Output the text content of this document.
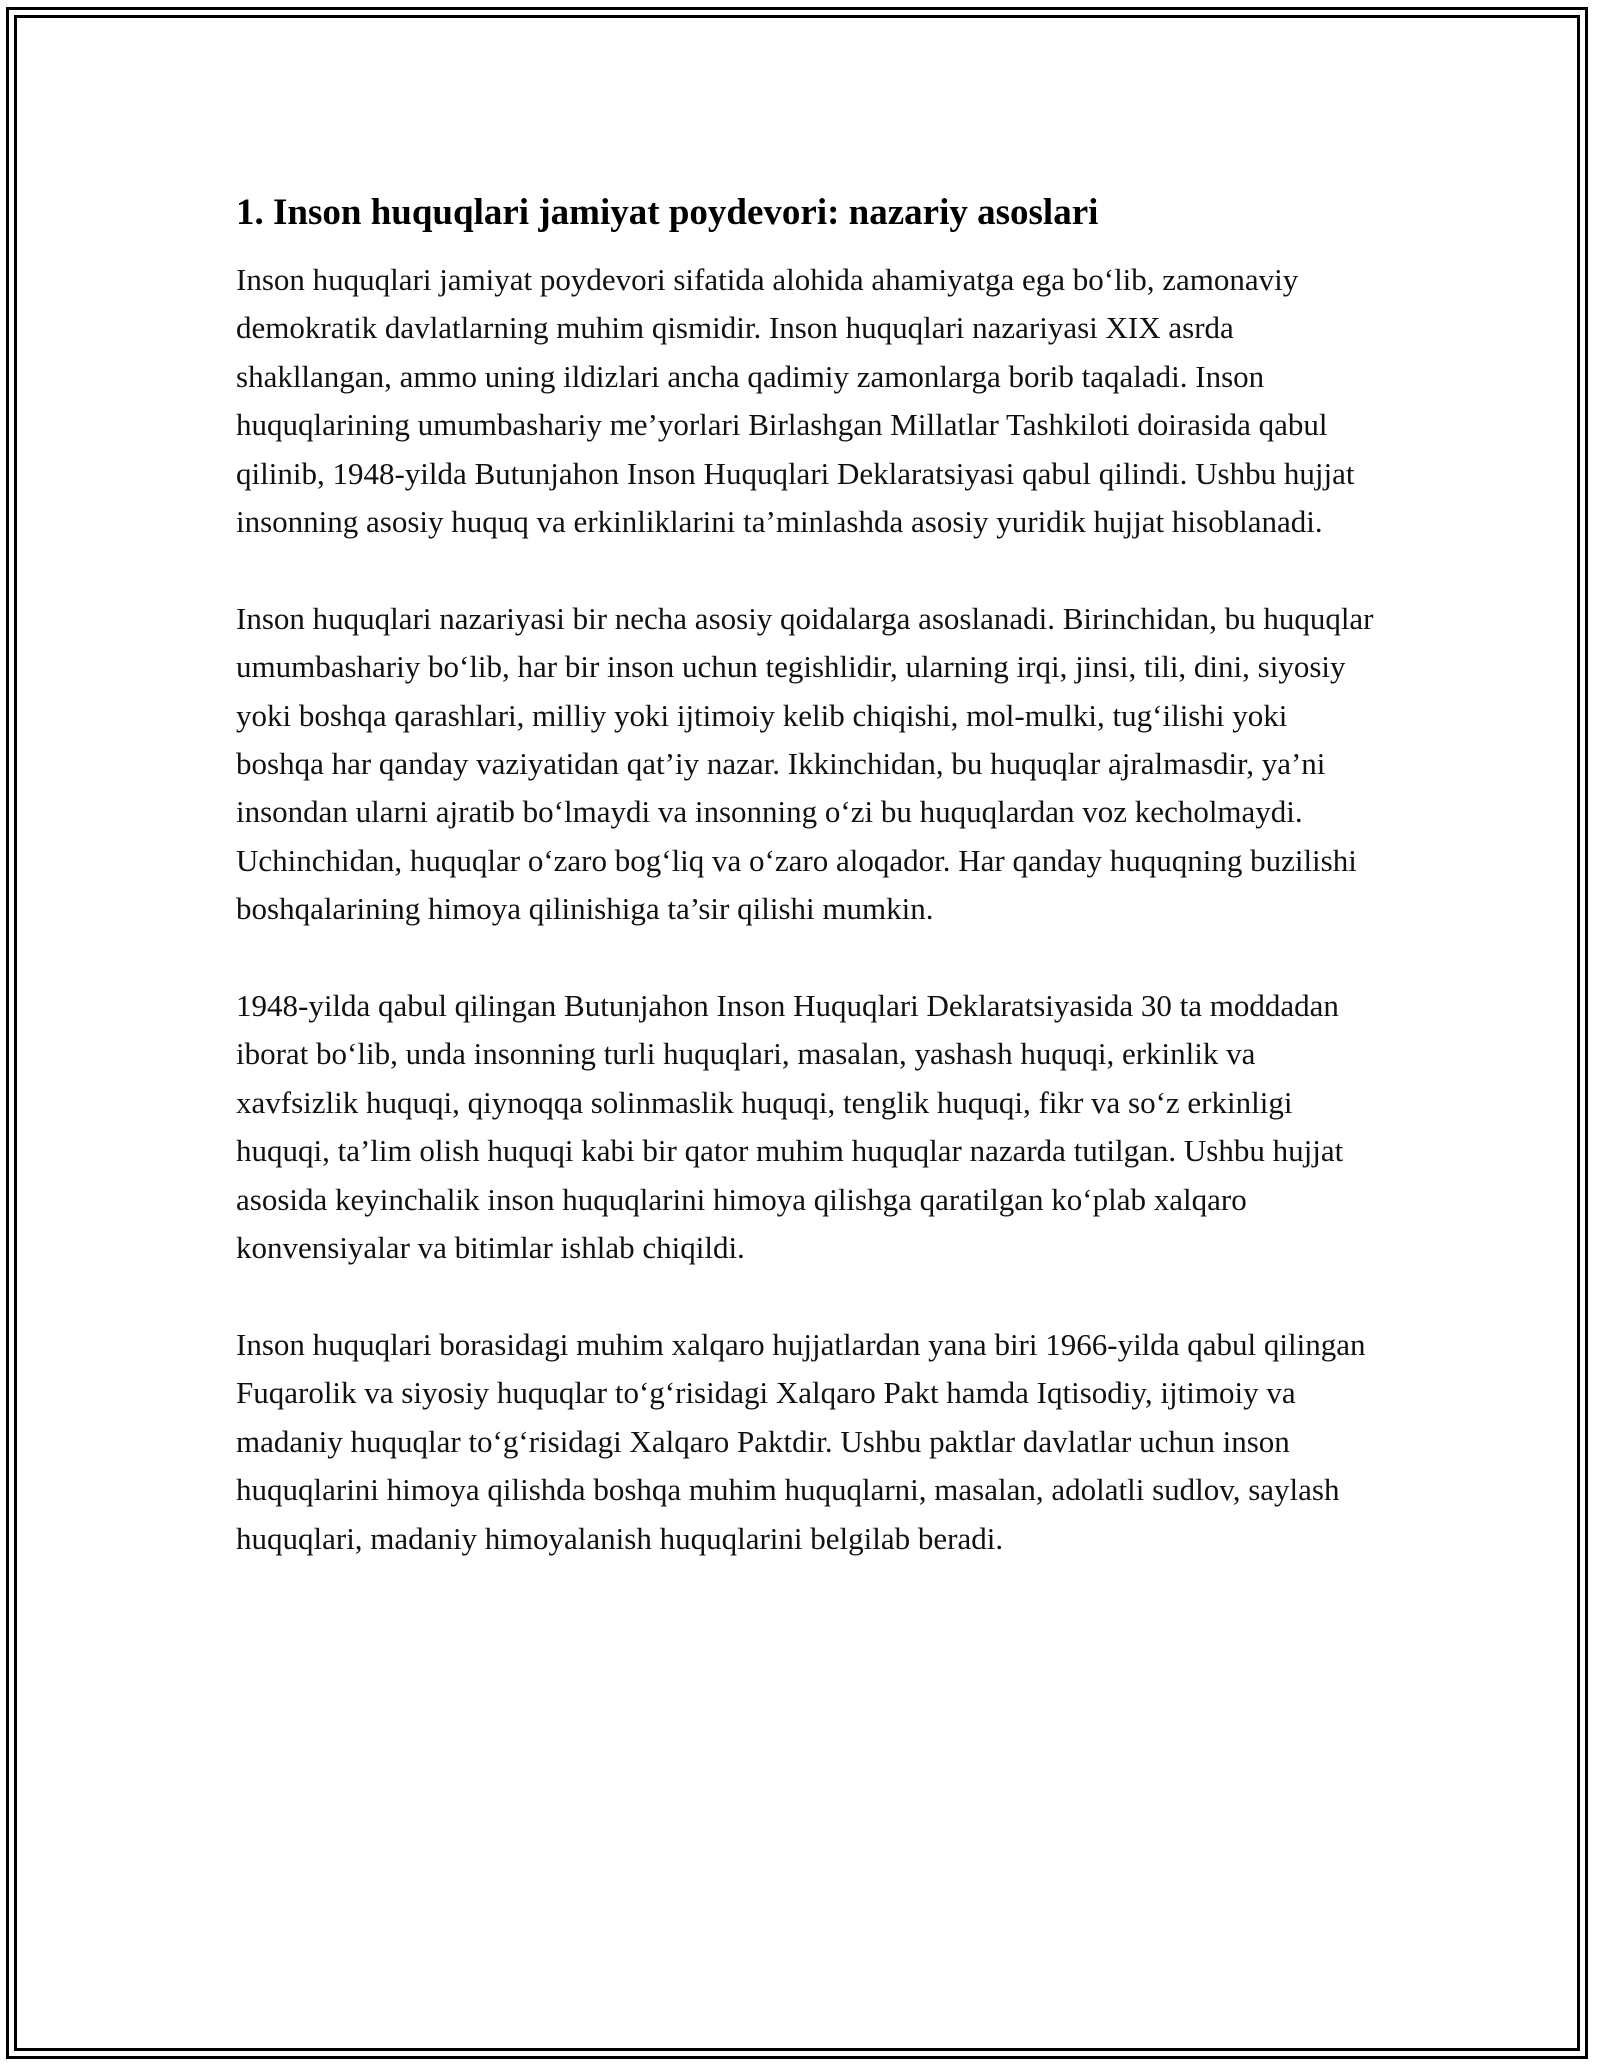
1. Inson huquqlari jamiyat poydevori: nazariy asoslari

Inson huquqlari jamiyat poydevori sifatida alohida ahamiyatga ega bo‘lib, zamonaviy demokratik davlatlarning muhim qismidir. Inson huquqlari nazariyasi XIX asrda shakllangan, ammo uning ildizlari ancha qadimiy zamonlarga borib taqaladi. Inson huquqlarining umumbashariy me’yorlari Birlashgan Millatlar Tashkiloti doirasida qabul qilinib, 1948-yilda Butunjahon Inson Huquqlari Deklaratsiyasi qabul qilindi. Ushbu hujjat insonning asosiy huquq va erkinliklarini ta’minlashda asosiy yuridik hujjat hisoblanadi.

Inson huquqlari nazariyasi bir necha asosiy qoidalarga asoslanadi. Birinchidan, bu huquqlar umumbashariy bo‘lib, har bir inson uchun tegishlidir, ularning irqi, jinsi, tili, dini, siyosiy yoki boshqa qarashlari, milliy yoki ijtimoiy kelib chiqishi, mol-mulki, tug‘ilishi yoki boshqa har qanday vaziyatidan qat’iy nazar. Ikkinchidan, bu huquqlar ajralmasdir, ya’ni insondan ularni ajratib bo‘lmaydi va insonning o‘zi bu huquqlardan voz kecholmaydi. Uchinchidan, huquqlar o‘zaro bog‘liq va o‘zaro aloqador. Har qanday huquqning buzilishi boshqalarining himoya qilinishiga ta’sir qilishi mumkin.

1948-yilda qabul qilingan Butunjahon Inson Huquqlari Deklaratsiyasida 30 ta moddadan iborat bo‘lib, unda insonning turli huquqlari, masalan, yashash huquqi, erkinlik va xavfsizlik huquqi, qiynoqqa solinmaslik huquqi, tenglik huquqi, fikr va so‘z erkinligi huquqi, ta’lim olish huquqi kabi bir qator muhim huquqlar nazarda tutilgan. Ushbu hujjat asosida keyinchalik inson huquqlarini himoya qilishga qaratilgan ko‘plab xalqaro konvensiyalar va bitimlar ishlab chiqildi.

Inson huquqlari borasidagi muhim xalqaro hujjatlardan yana biri 1966-yilda qabul qilingan Fuqarolik va siyosiy huquqlar to‘g‘risidagi Xalqaro Pakt hamda Iqtisodiy, ijtimoiy va madaniy huquqlar to‘g‘risidagi Xalqaro Paktdir. Ushbu paktlar davlatlar uchun inson huquqlarini himoya qilishda boshqa muhim huquqlarni, masalan, adolatli sudlov, saylash huquqlari, madaniy himoyalanish huquqlarini belgilab beradi.
